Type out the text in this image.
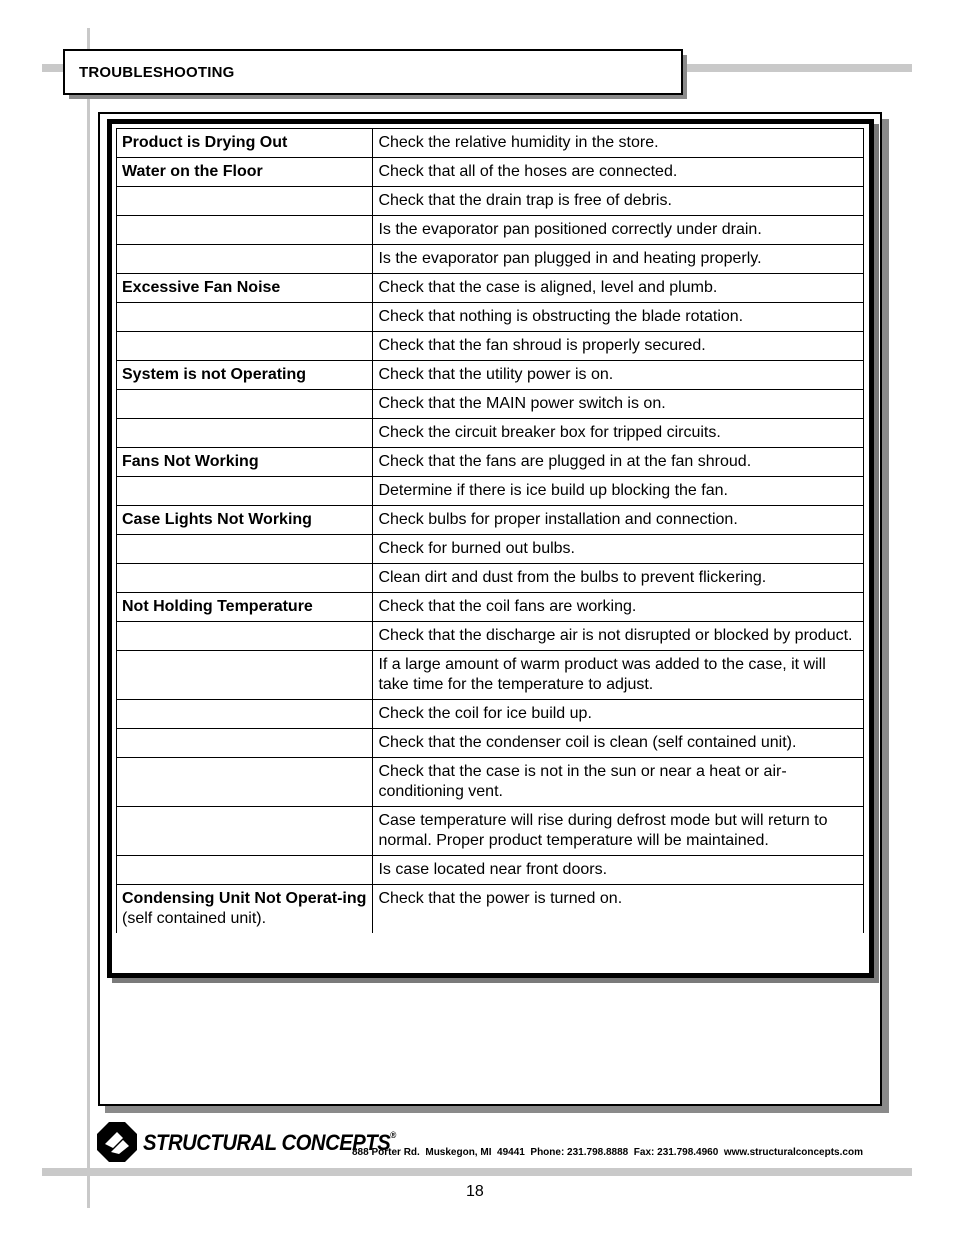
TROUBLESHOOTING
Product is Drying Out	Check the relative humidity in the store.
Water on the Floor	Check that all of the hoses are connected.
	Check that the drain trap is free of debris.
	Is the evaporator pan positioned correctly under drain.
	Is the evaporator pan plugged in and heating properly.
Excessive Fan Noise	Check that the case is aligned, level and plumb.
	Check that nothing is obstructing the blade rotation.
	Check that the fan shroud is properly secured.
System is not Operating	Check that the utility power is on.
	Check that the MAIN power switch is on.
	Check the circuit breaker box for tripped circuits.
Fans Not Working	Check that the fans are plugged in at the fan shroud.
	Determine if there is ice build up blocking the fan.
Case Lights Not Working	Check bulbs for proper installation and connection.
	Check for burned out bulbs.
	Clean dirt and dust from the bulbs to prevent flickering.
Not Holding Temperature	Check that the coil fans are working.
	Check that the discharge air is not disrupted or blocked by product.
	If a large amount of warm product was added to the case, it will take time for the temperature to adjust.
	Check the coil for ice build up.
	Check that the condenser coil is clean (self contained unit).
	Check that the case is not in the sun or near a heat or air-conditioning vent.
	Case temperature will rise during defrost mode but will return to normal. Proper product temperature will be maintained.
	Is case located near front doors.
Condensing Unit Not Operat-ing (self contained unit).	Check that the power is turned on.
STRUCTURAL CONCEPTS®
888 Porter Rd.  Muskegon, MI  49441  Phone: 231.798.8888  Fax: 231.798.4960  www.structuralconcepts.com
18
